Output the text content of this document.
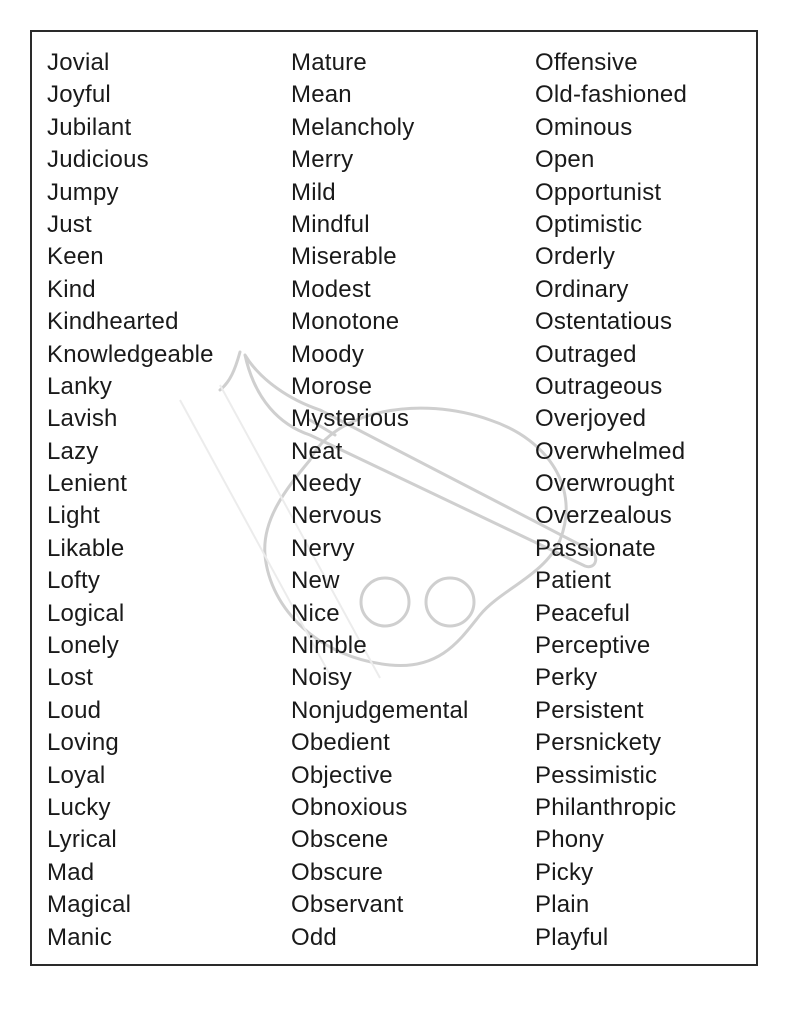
Jovial
Joyful
Jubilant
Judicious
Jumpy
Just
Keen
Kind
Kindhearted
Knowledgeable
Lanky
Lavish
Lazy
Lenient
Light
Likable
Lofty
Logical
Lonely
Lost
Loud
Loving
Loyal
Lucky
Lyrical
Mad
Magical
Manic
Mature
Mean
Melancholy
Merry
Mild
Mindful
Miserable
Modest
Monotone
Moody
Morose
Mysterious
Neat
Needy
Nervous
Nervy
New
Nice
Nimble
Noisy
Nonjudgemental
Obedient
Objective
Obnoxious
Obscene
Obscure
Observant
Odd
Offensive
Old-fashioned
Ominous
Open
Opportunist
Optimistic
Orderly
Ordinary
Ostentatious
Outraged
Outrageous
Overjoyed
Overwhelmed
Overwrought
Overzealous
Passionate
Patient
Peaceful
Perceptive
Perky
Persistent
Persnickety
Pessimistic
Philanthropic
Phony
Picky
Plain
Playful
